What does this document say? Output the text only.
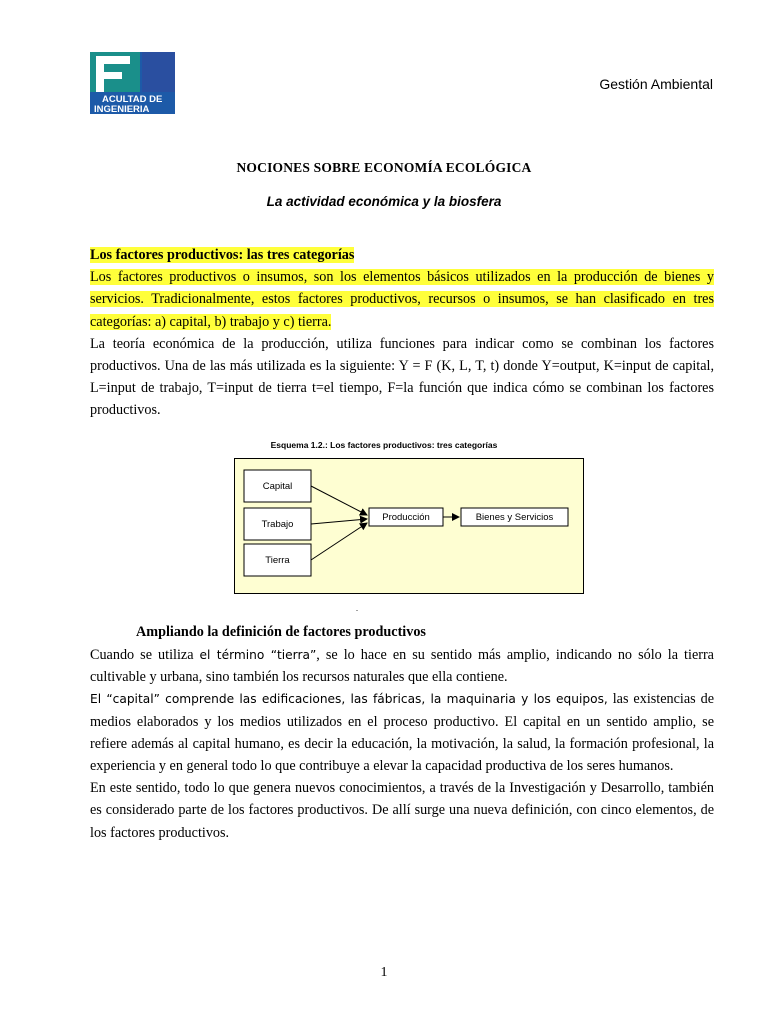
ACULTAD DE
INGENIERIA
Gestión Ambiental
NOCIONES SOBRE ECONOMÍA ECOLÓGICA
La actividad económica y la biosfera
Los factores productivos: las tres categorías
Los factores productivos o insumos, son los elementos básicos utilizados en la producción de bienes y servicios. Tradicionalmente, estos factores productivos, recursos o insumos, se han clasificado en tres categorías: a) capital, b) trabajo y c) tierra.
La teoría económica de la producción, utiliza funciones para indicar como se combinan los factores productivos. Una de las más utilizada es la siguiente: Y = F (K, L, T, t) donde Y=output, K=input de capital, L=input de trabajo, T=input de tierra t=el tiempo, F=la función que indica cómo se combinan los factores productivos.
Esquema 1.2.: Los factores productivos: tres categorías
Capital
Trabajo
Tierra
Producción	Bienes y Servicios
.
Ampliando la definición de factores productivos
Cuando se utiliza el término “tierra”, se lo hace en su sentido más amplio, indicando no sólo la tierra cultivable y urbana, sino también los recursos naturales que ella contiene.
El “capital” comprende las edificaciones, las fábricas, la maquinaria y los equipos, las existencias de medios elaborados y los medios utilizados en el proceso productivo. El capital en un sentido amplio, se refiere además al capital humano, es decir la educación, la motivación, la salud, la formación profesional, la experiencia y en general todo lo que contribuye a elevar la capacidad productiva de los seres humanos.
En este sentido, todo lo que genera nuevos conocimientos, a través de la Investigación y Desarrollo, también es considerado parte de los factores productivos. De allí surge una nueva definición, con cinco elementos, de los factores productivos.
1
